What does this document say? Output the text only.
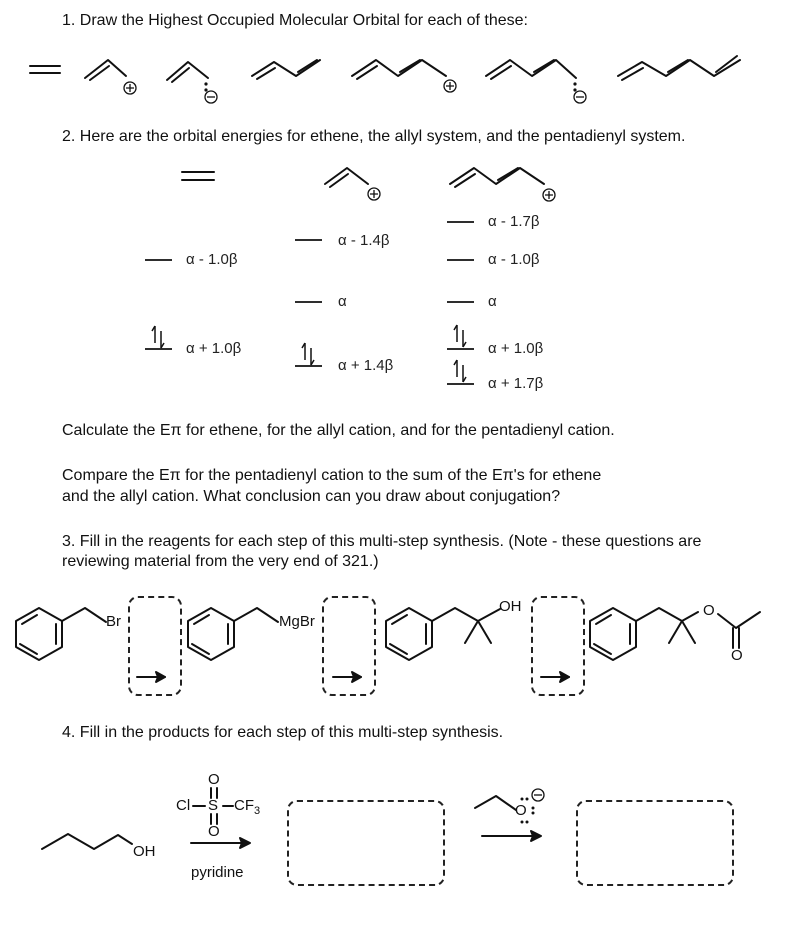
1. Draw the Highest Occupied Molecular Orbital for each of these:

2. Here are the orbital energies for ethene, the allyl system, and the pentadienyl system.

α - 1.0β
α + 1.0β
α - 1.4β
α
α + 1.4β
α - 1.7β
α - 1.0β
α
α + 1.0β
α + 1.7β

Calculate the Eπ for ethene, for the allyl cation, and for the pentadienyl cation.

Compare the Eπ for the pentadienyl cation to the sum of the Eπ's for ethene

and the allyl cation. What conclusion can you draw about conjugation?

3. Fill in the reagents for each step of this multi-step synthesis. (Note - these questions are

reviewing material from the very end of 321.)

Br	MgBr
OH	O
O

4. Fill in the products for each step of this multi-step synthesis.

OH
Cl S $CF_3$
O
O
pyridine
O
